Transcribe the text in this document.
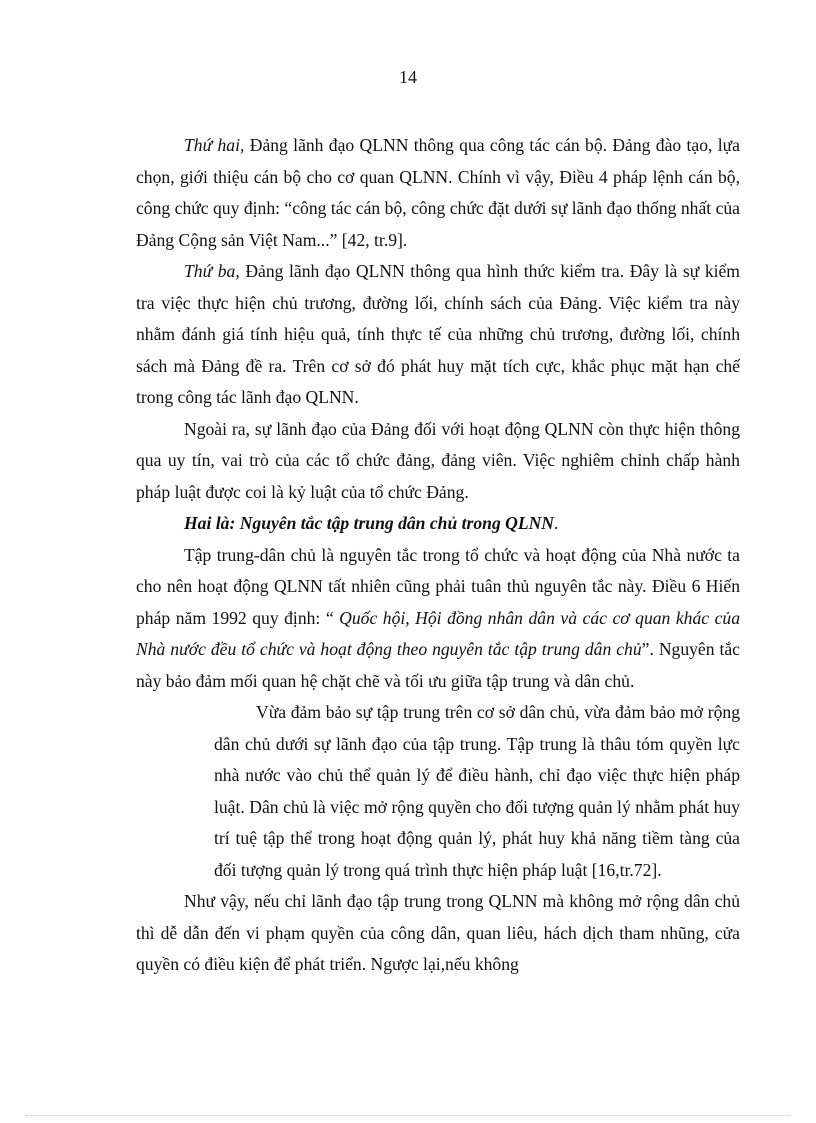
14

Thứ hai, Đảng lãnh đạo QLNN thông qua công tác cán bộ. Đảng đào tạo, lựa chọn, giới thiệu cán bộ cho cơ quan QLNN. Chính vì vậy, Điều 4 pháp lệnh cán bộ, công chức quy định: “công tác cán bộ, công chức đặt dưới sự lãnh đạo thống nhất của Đảng Cộng sản Việt Nam...” [42, tr.9].

Thứ ba, Đảng lãnh đạo QLNN thông qua hình thức kiểm tra. Đây là sự kiểm tra việc thực hiện chủ trương, đường lối, chính sách của Đảng. Việc kiểm tra này nhằm đánh giá tính hiệu quả, tính thực tế của những chủ trương, đường lối, chính sách mà Đảng đề ra. Trên cơ sở đó phát huy mặt tích cực, khắc phục mặt hạn chế trong công tác lãnh đạo QLNN.

Ngoài ra, sự lãnh đạo của Đảng đối với hoạt động QLNN còn thực hiện thông qua uy tín, vai trò của các tổ chức đảng, đảng viên. Việc nghiêm chỉnh chấp hành pháp luật được coi là kỷ luật của tổ chức Đảng.

Hai là: Nguyên tắc tập trung dân chủ trong QLNN.

Tập trung-dân chủ là nguyên tắc trong tổ chức và hoạt động của Nhà nước ta cho nên hoạt động QLNN tất nhiên cũng phải tuân thủ nguyên tắc này. Điều 6 Hiến pháp năm 1992 quy định: “ Quốc hội, Hội đồng nhân dân và các cơ quan khác của Nhà nước đều tổ chức và hoạt động theo nguyên tắc tập trung dân chủ”. Nguyên tắc này bảo đảm mối quan hệ chặt chẽ và tối ưu giữa tập trung và dân chủ.

Vừa đảm bảo sự tập trung trên cơ sở dân chủ, vừa đảm bảo mở rộng dân chủ dưới sự lãnh đạo của tập trung. Tập trung là thâu tóm quyền lực nhà nước vào chủ thể quản lý để điều hành, chỉ đạo việc thực hiện pháp luật. Dân chủ là việc mở rộng quyền cho đối tượng quản lý nhằm phát huy trí tuệ tập thể trong hoạt động quản lý, phát huy khả năng tiềm tàng của đối tượng quản lý trong quá trình thực hiện pháp luật [16,tr.72].

Như vậy, nếu chỉ lãnh đạo tập trung trong QLNN mà không mở rộng dân chủ thì dễ dẫn đến vi phạm quyền của công dân, quan liêu, hách dịch tham nhũng, cửa quyền có điều kiện để phát triển. Ngược lại,nếu không
